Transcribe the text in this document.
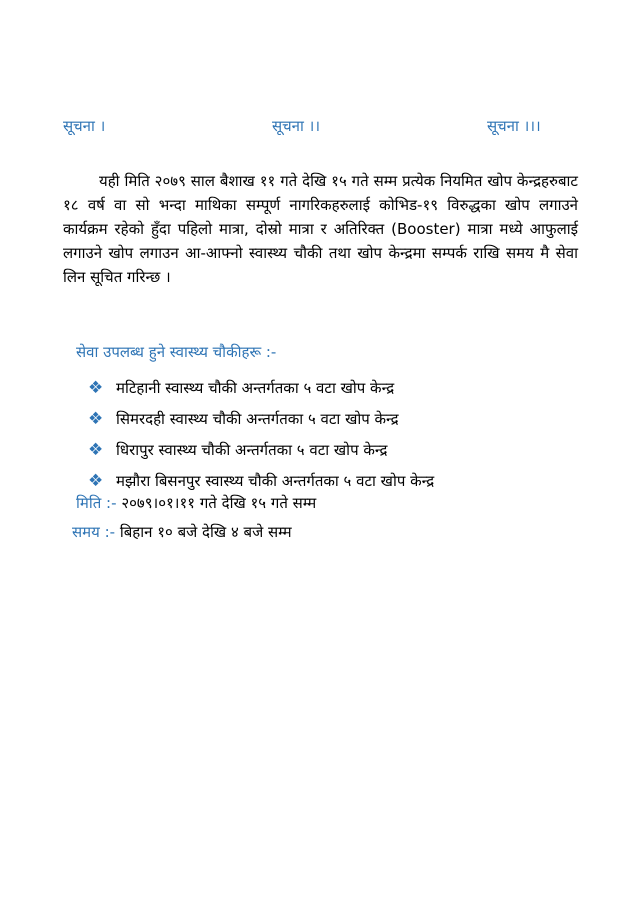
सूचना ।	सूचना ।।	सूचना ।।।

यही मिति २०७९ साल बैशाख ११ गते देखि १५ गते सम्म प्रत्येक नियमित खोप केन्द्रहरुबाट १८ वर्ष वा सो भन्दा माथिका सम्पूर्ण नागरिकहरुलाई कोभिड-१९ विरुद्धका खोप लगाउने कार्यक्रम रहेको हुँदा पहिलो मात्रा, दोस्रो मात्रा र अतिरिक्त (Booster) मात्रा मध्ये आफुलाई लगाउने खोप लगाउन आ-आफ्नो स्वास्थ्य चौकी तथा खोप केन्द्रमा सम्पर्क राखि समय मै सेवा लिन सूचित गरिन्छ ।

सेवा उपलब्ध हुने स्वास्थ्य चौकीहरू :-
❖ मटिहानी स्वास्थ्य चौकी अन्तर्गतका ५ वटा खोप केन्द्र
❖ सिमरदही स्वास्थ्य चौकी अन्तर्गतका ५ वटा खोप केन्द्र
❖ धिरापुर स्वास्थ्य चौकी अन्तर्गतका ५ वटा खोप केन्द्र
❖ मझौरा बिसनपुर स्वास्थ्य चौकी अन्तर्गतका ५ वटा खोप केन्द्र
मिति :- २०७९।०१।११ गते देखि १५ गते सम्म
समय :- बिहान १० बजे देखि ४ बजे सम्म
